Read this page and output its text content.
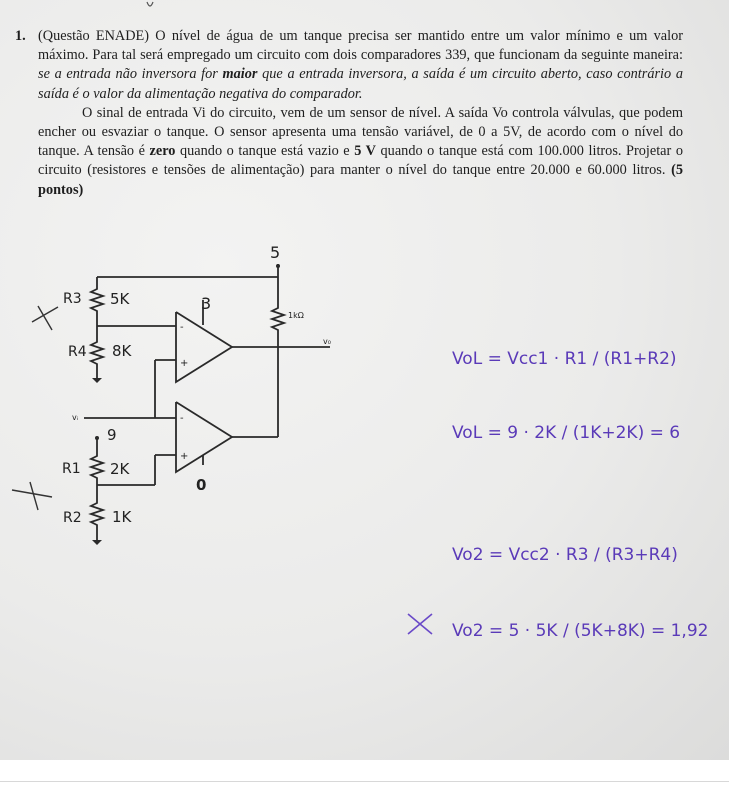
1. (Questão ENADE) O nível de água de um tanque precisa ser mantido entre um valor mínimo e um valor máximo. Para tal será empregado um circuito com dois comparadores 339, que funcionam da seguinte maneira: se a entrada não inversora for maior que a entrada inversora, a saída é um circuito aberto, caso contrário a saída é o valor da alimentação negativa do comparador.

O sinal de entrada Vi do circuito, vem de um sensor de nível. A saída Vo controla válvulas, que podem encher ou esvaziar o tanque. O sensor apresenta uma tensão variável, de 0 a 5V, de acordo com o nível do tanque. A tensão é zero quando o tanque está vazio e 5 V quando o tanque está com 100.000 litros. Projetar o circuito (resistores e tensões de alimentação) para manter o nível do tanque entre 20.000 e 60.000 litros. (5 pontos)

-
+
-
+
5
3
R3 5K
R4 8K
1kΩ
v₀
vᵢ
9
R1 2K
0
R2 1K
VoL = Vcc1 · R1 / (R1+R2)
VoL = 9 · 2K / (1K+2K) = 6
Vo2 = Vcc2 · R3 / (R3+R4)
Vo2 = 5 · 5K / (5K+8K) = 1,92
